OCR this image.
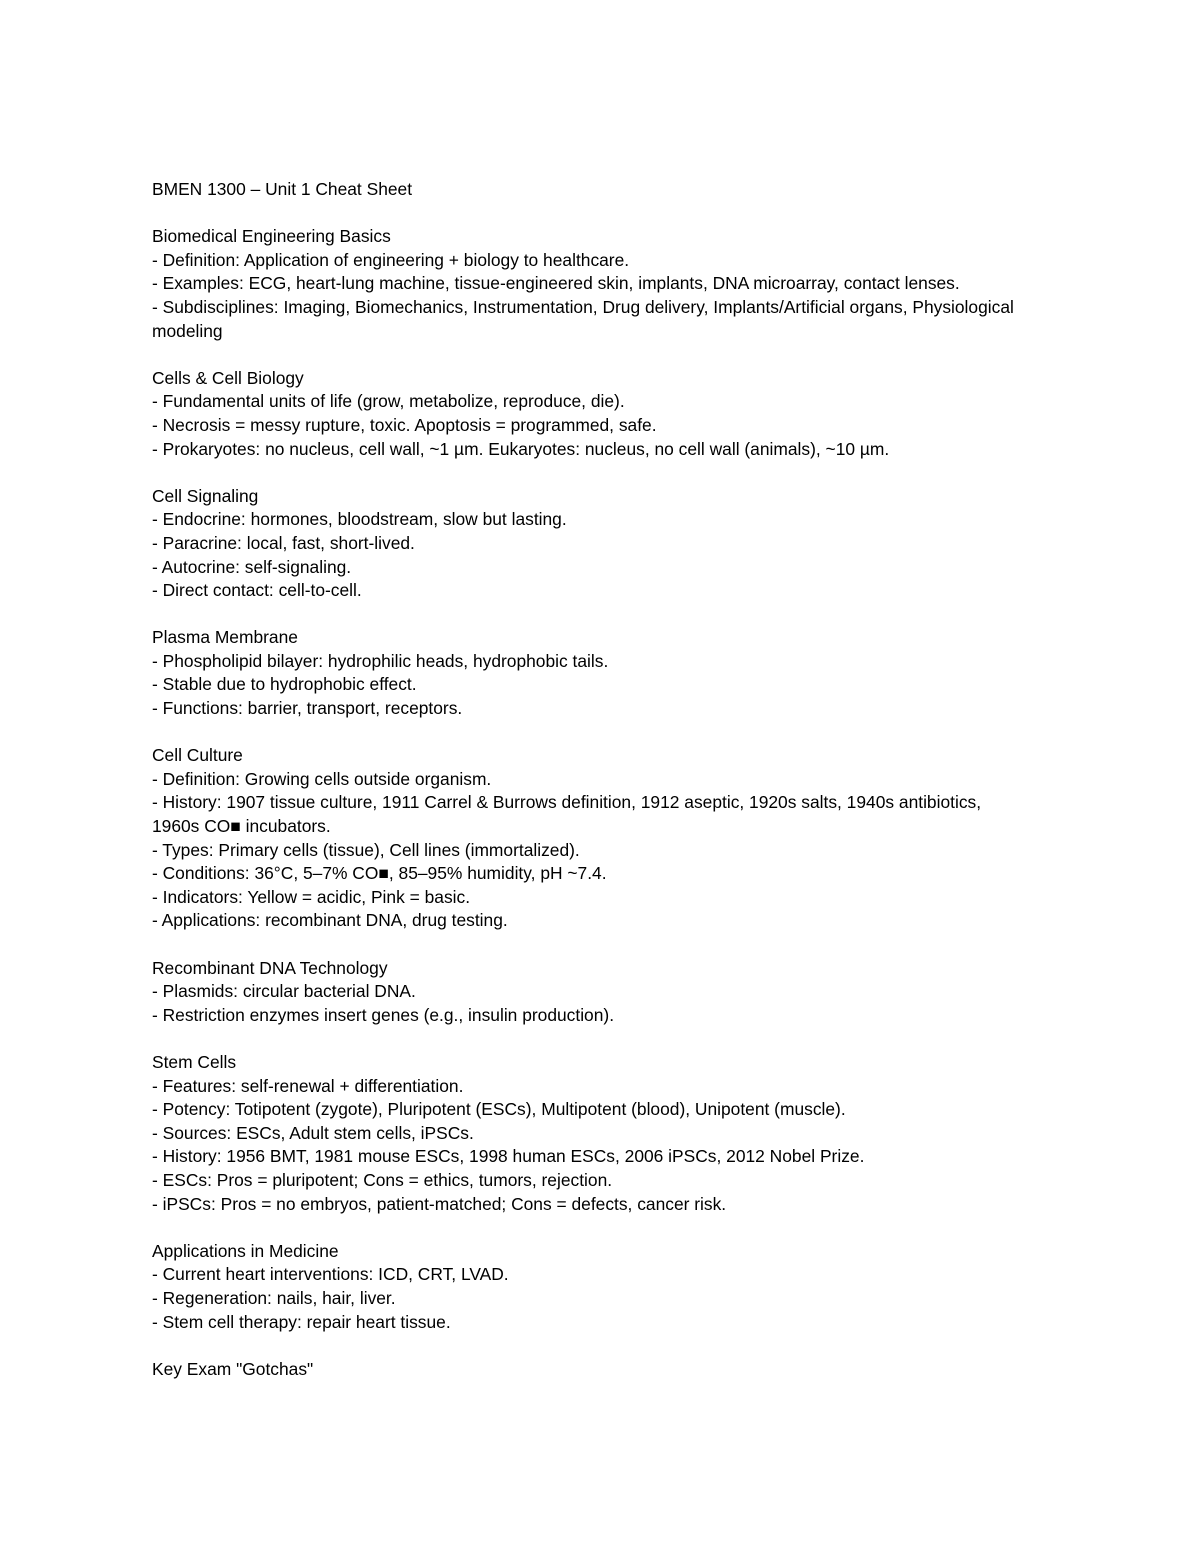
BMEN 1300 – Unit 1 Cheat Sheet
Biomedical Engineering Basics
- Definition: Application of engineering + biology to healthcare.
- Examples: ECG, heart-lung machine, tissue-engineered skin, implants, DNA microarray, contact lenses.
- Subdisciplines: Imaging, Biomechanics, Instrumentation, Drug delivery, Implants/Artificial organs, Physiological modeling
Cells & Cell Biology
- Fundamental units of life (grow, metabolize, reproduce, die).
- Necrosis = messy rupture, toxic. Apoptosis = programmed, safe.
- Prokaryotes: no nucleus, cell wall, ~1 µm. Eukaryotes: nucleus, no cell wall (animals), ~10 µm.
Cell Signaling
- Endocrine: hormones, bloodstream, slow but lasting.
- Paracrine: local, fast, short-lived.
- Autocrine: self-signaling.
- Direct contact: cell-to-cell.
Plasma Membrane
- Phospholipid bilayer: hydrophilic heads, hydrophobic tails.
- Stable due to hydrophobic effect.
- Functions: barrier, transport, receptors.
Cell Culture
- Definition: Growing cells outside organism.
- History: 1907 tissue culture, 1911 Carrel & Burrows definition, 1912 aseptic, 1920s salts, 1940s antibiotics, 1960s CO■ incubators.
- Types: Primary cells (tissue), Cell lines (immortalized).
- Conditions: 36°C, 5–7% CO■, 85–95% humidity, pH ~7.4.
- Indicators: Yellow = acidic, Pink = basic.
- Applications: recombinant DNA, drug testing.
Recombinant DNA Technology
- Plasmids: circular bacterial DNA.
- Restriction enzymes insert genes (e.g., insulin production).
Stem Cells
- Features: self-renewal + differentiation.
- Potency: Totipotent (zygote), Pluripotent (ESCs), Multipotent (blood), Unipotent (muscle).
- Sources: ESCs, Adult stem cells, iPSCs.
- History: 1956 BMT, 1981 mouse ESCs, 1998 human ESCs, 2006 iPSCs, 2012 Nobel Prize.
- ESCs: Pros = pluripotent; Cons = ethics, tumors, rejection.
- iPSCs: Pros = no embryos, patient-matched; Cons = defects, cancer risk.
Applications in Medicine
- Current heart interventions: ICD, CRT, LVAD.
- Regeneration: nails, hair, liver.
- Stem cell therapy: repair heart tissue.
Key Exam "Gotchas"
